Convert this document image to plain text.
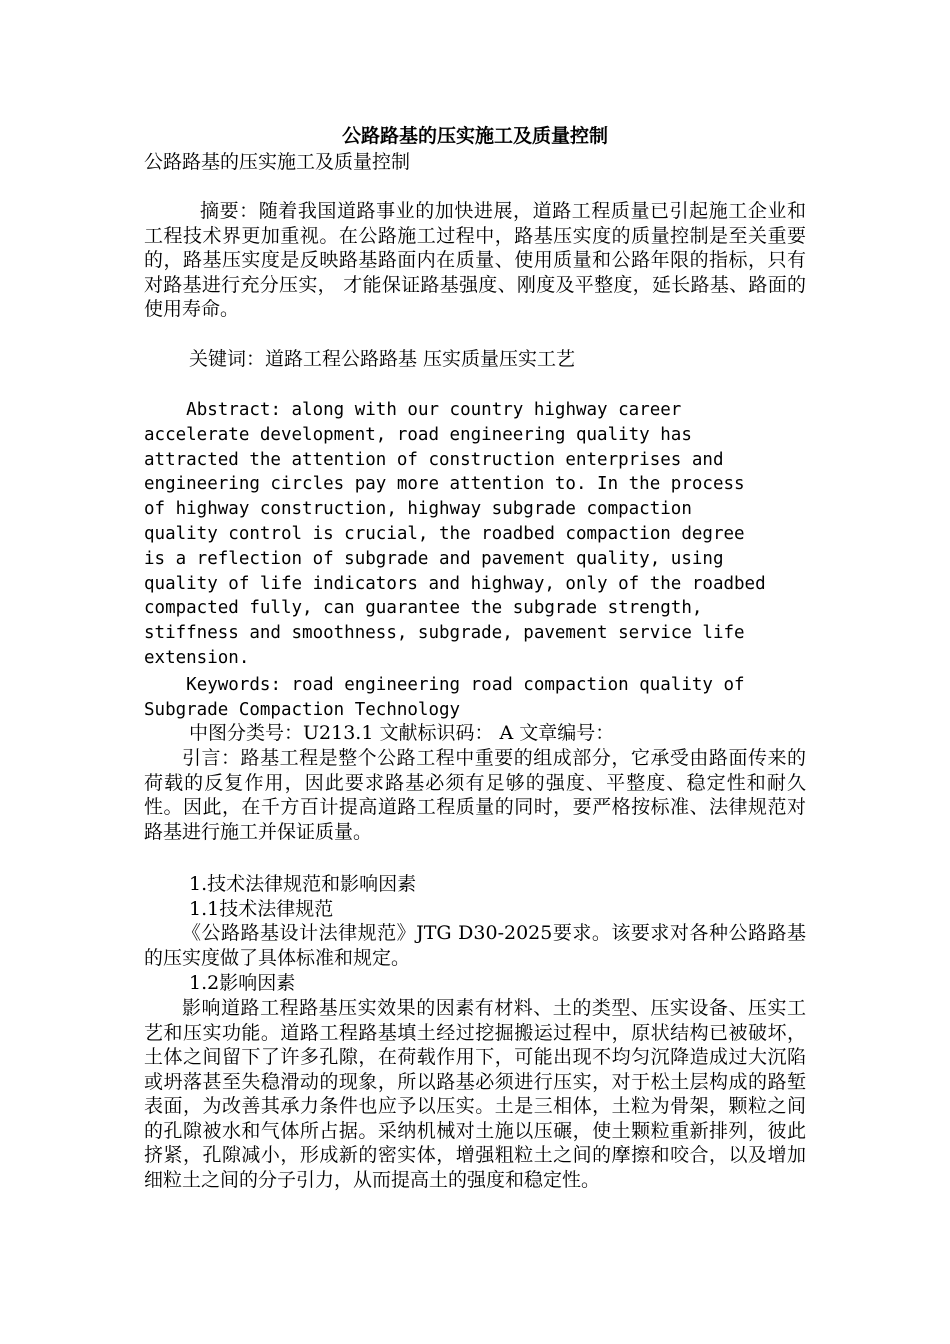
公路路基的压实施工及质量控制
公路路基的压实施工及质量控制
摘要：随着我国道路事业的加快进展，道路工程质量已引起施工企业和工程技术界更加重视。在公路施工过程中，路基压实度的质量控制是至关重要的，路基压实度是反映路基路面内在质量、使用质量和公路年限的指标，只有对路基进行充分压实， 才能保证路基强度、刚度及平整度，延长路基、路面的使用寿命。
关键词：道路工程公路路基 压实质量压实工艺
Abstract: along with our country highway career
accelerate development, road engineering quality has
attracted the attention of construction enterprises and
engineering circles pay more attention to. In the process
of highway construction, highway subgrade compaction
quality control is crucial, the roadbed compaction degree
is a reflection of subgrade and pavement quality, using
quality of life indicators and highway, only of the roadbed
compacted fully, can guarantee the subgrade strength,
stiffness and smoothness, subgrade, pavement service life
extension.
Keywords: road engineering road compaction quality of
Subgrade Compaction Technology
中图分类号：U213.1 文献标识码： A 文章编号：
引言：路基工程是整个公路工程中重要的组成部分，它承受由路面传来的荷载的反复作用，因此要求路基必须有足够的强度、平整度、稳定性和耐久性。因此，在千方百计提高道路工程质量的同时，要严格按标准、法律规范对路基进行施工并保证质量。
1.技术法律规范和影响因素
1.1技术法律规范
《公路路基设计法律规范》JTG D30-2025要求。该要求对各种公路路基的压实度做了具体标准和规定。
1.2影响因素
影响道路工程路基压实效果的因素有材料、土的类型、压实设备、压实工艺和压实功能。道路工程路基填土经过挖掘搬运过程中，原状结构已被破坏，土体之间留下了许多孔隙，在荷载作用下，可能出现不均匀沉降造成过大沉陷或坍落甚至失稳滑动的现象，所以路基必须进行压实，对于松土层构成的路堑表面，为改善其承力条件也应予以压实。土是三相体，土粒为骨架，颗粒之间的孔隙被水和气体所占据。采纳机械对土施以压碾，使土颗粒重新排列，彼此挤紧，孔隙减小，形成新的密实体，增强粗粒土之间的摩擦和咬合，以及增加细粒土之间的分子引力，从而提高土的强度和稳定性。
